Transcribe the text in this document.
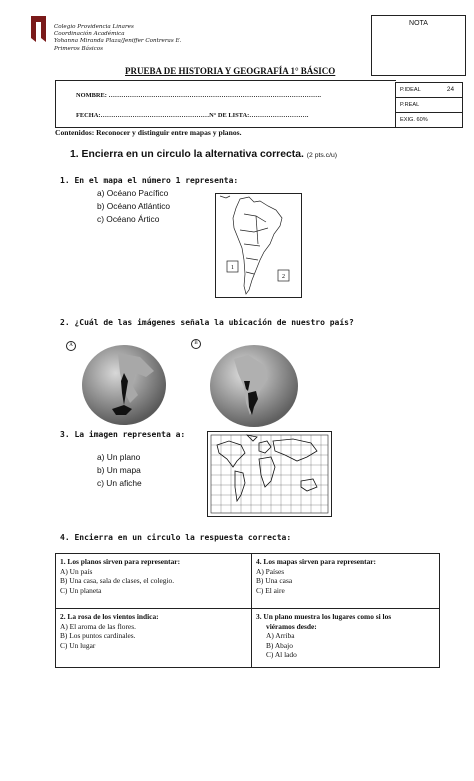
Colegio Providencia Linares
Coordinación Académica
Yohanna Miranda Plaza/Jeniffer Contreras E.
Primeros Básicos
NOTA
PRUEBA DE HISTORIA Y GEOGRAFÍA 1° BÁSICO
NOMBRE: ……………………………………………………………………………………….
FECHA:……………………………………………N° DE LISTA:……………………….
P.IDEAL	24
P.REAL
EXIG. 60%
Contenidos: Reconocer y distinguir entre mapas y planos.
1. Encierra en un circulo la alternativa correcta. (2 pts.c/u)
1. En el mapa el número 1 representa:
a) Océano Pacífico
b) Océano Atlántico
c) Océano Ártico
1
2
2. ¿Cuál de las imágenes señala la ubicación de nuestro país?
A	B
3. La imagen representa a:
a) Un plano
b) Un mapa
c) Un afiche
4. Encierra en un circulo la respuesta correcta:
1. Los planos sirven para representar:
A) Un país
B) Una casa, sala de clases, el colegio.
C) Un planeta
4. Los mapas sirven para representar:
A) Países
B) Una casa
C) El aire
2. La rosa de los vientos indica:
A) El aroma de las flores.
B) Los puntos cardinales.
C) Un lugar
3. Un plano muestra los lugares como si los
viéramos desde:
A) Arriba
B) Abajo
C) Al lado
